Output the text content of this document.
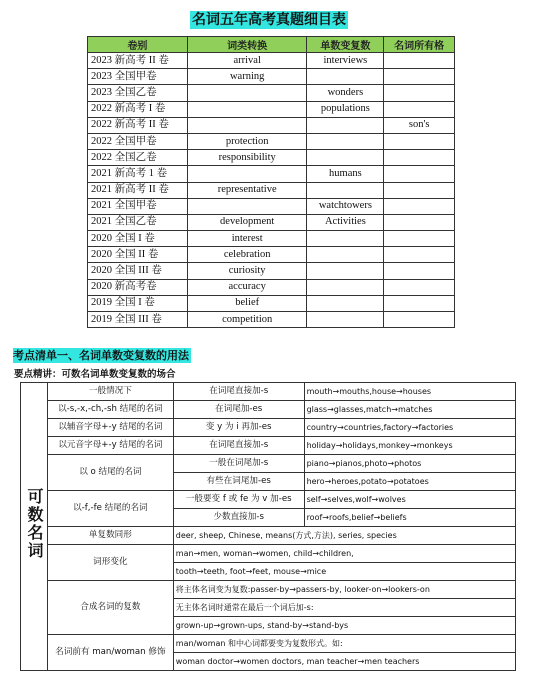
名词五年高考真题细目表
卷别	词类转换	单数变复数	名词所有格
2023 新高考 II 卷	arrival	interviews	
2023 全国甲卷	warning		
2023 全国乙卷		wonders	
2022 新高考 I 卷		populations	
2022 新高考 II 卷			son's
2022 全国甲卷	protection		
2022 全国乙卷	responsibility		
2021 新高考 1 卷		humans	
2021 新高考 II 卷	representative		
2021 全国甲卷		watchtowers	
2021 全国乙卷	development	Activities	
2020 全国 I 卷	interest		
2020 全国 II 卷	celebration		
2020 全国 III 卷	curiosity		
2020 新高考卷	accuracy		
2019 全国 I 卷	belief		
2019 全国 III 卷	competition		
考点清单一、名词单数变复数的用法
要点精讲：可数名词单数变复数的场合
可数名词	一般情况下	在词尾直接加-s	mouth→mouths,house→houses
	以-s,-x,-ch,-sh 结尾的名词	在词尾加-es	glass→glasses,match→matches
	以辅音字母+-y 结尾的名词	变 y 为 i 再加-es	country→countries,factory→factories
	以元音字母+-y 结尾的名词	在词尾直接加-s	holiday→holidays,monkey→monkeys
	以 o 结尾的名词	一般在词尾加-s	piano→pianos,photo→photos
		有些在词尾加-es	hero→heroes,potato→potatoes
	以-f,-fe 结尾的名词	一般要变 f 或 fe 为 v 加-es	self→selves,wolf→wolves
		少数直接加-s	roof→roofs,belief→beliefs
	单复数同形	deer, sheep, Chinese, means(方式,方法), series, species	
	词形变化	man→men, woman→women, child→children,	
		tooth→teeth, foot→feet, mouse→mice	
	合成名词的复数	将主体名词变为复数:passer-by→passers-by, looker-on→lookers-on	
		无主体名词时通常在最后一个词后加-s:	
		grown-up→grown-ups, stand-by→stand-bys	
	名词前有 man/woman 修饰	man/woman 和中心词都要变为复数形式。如:	
		woman doctor→women doctors, man teacher→men teachers	
